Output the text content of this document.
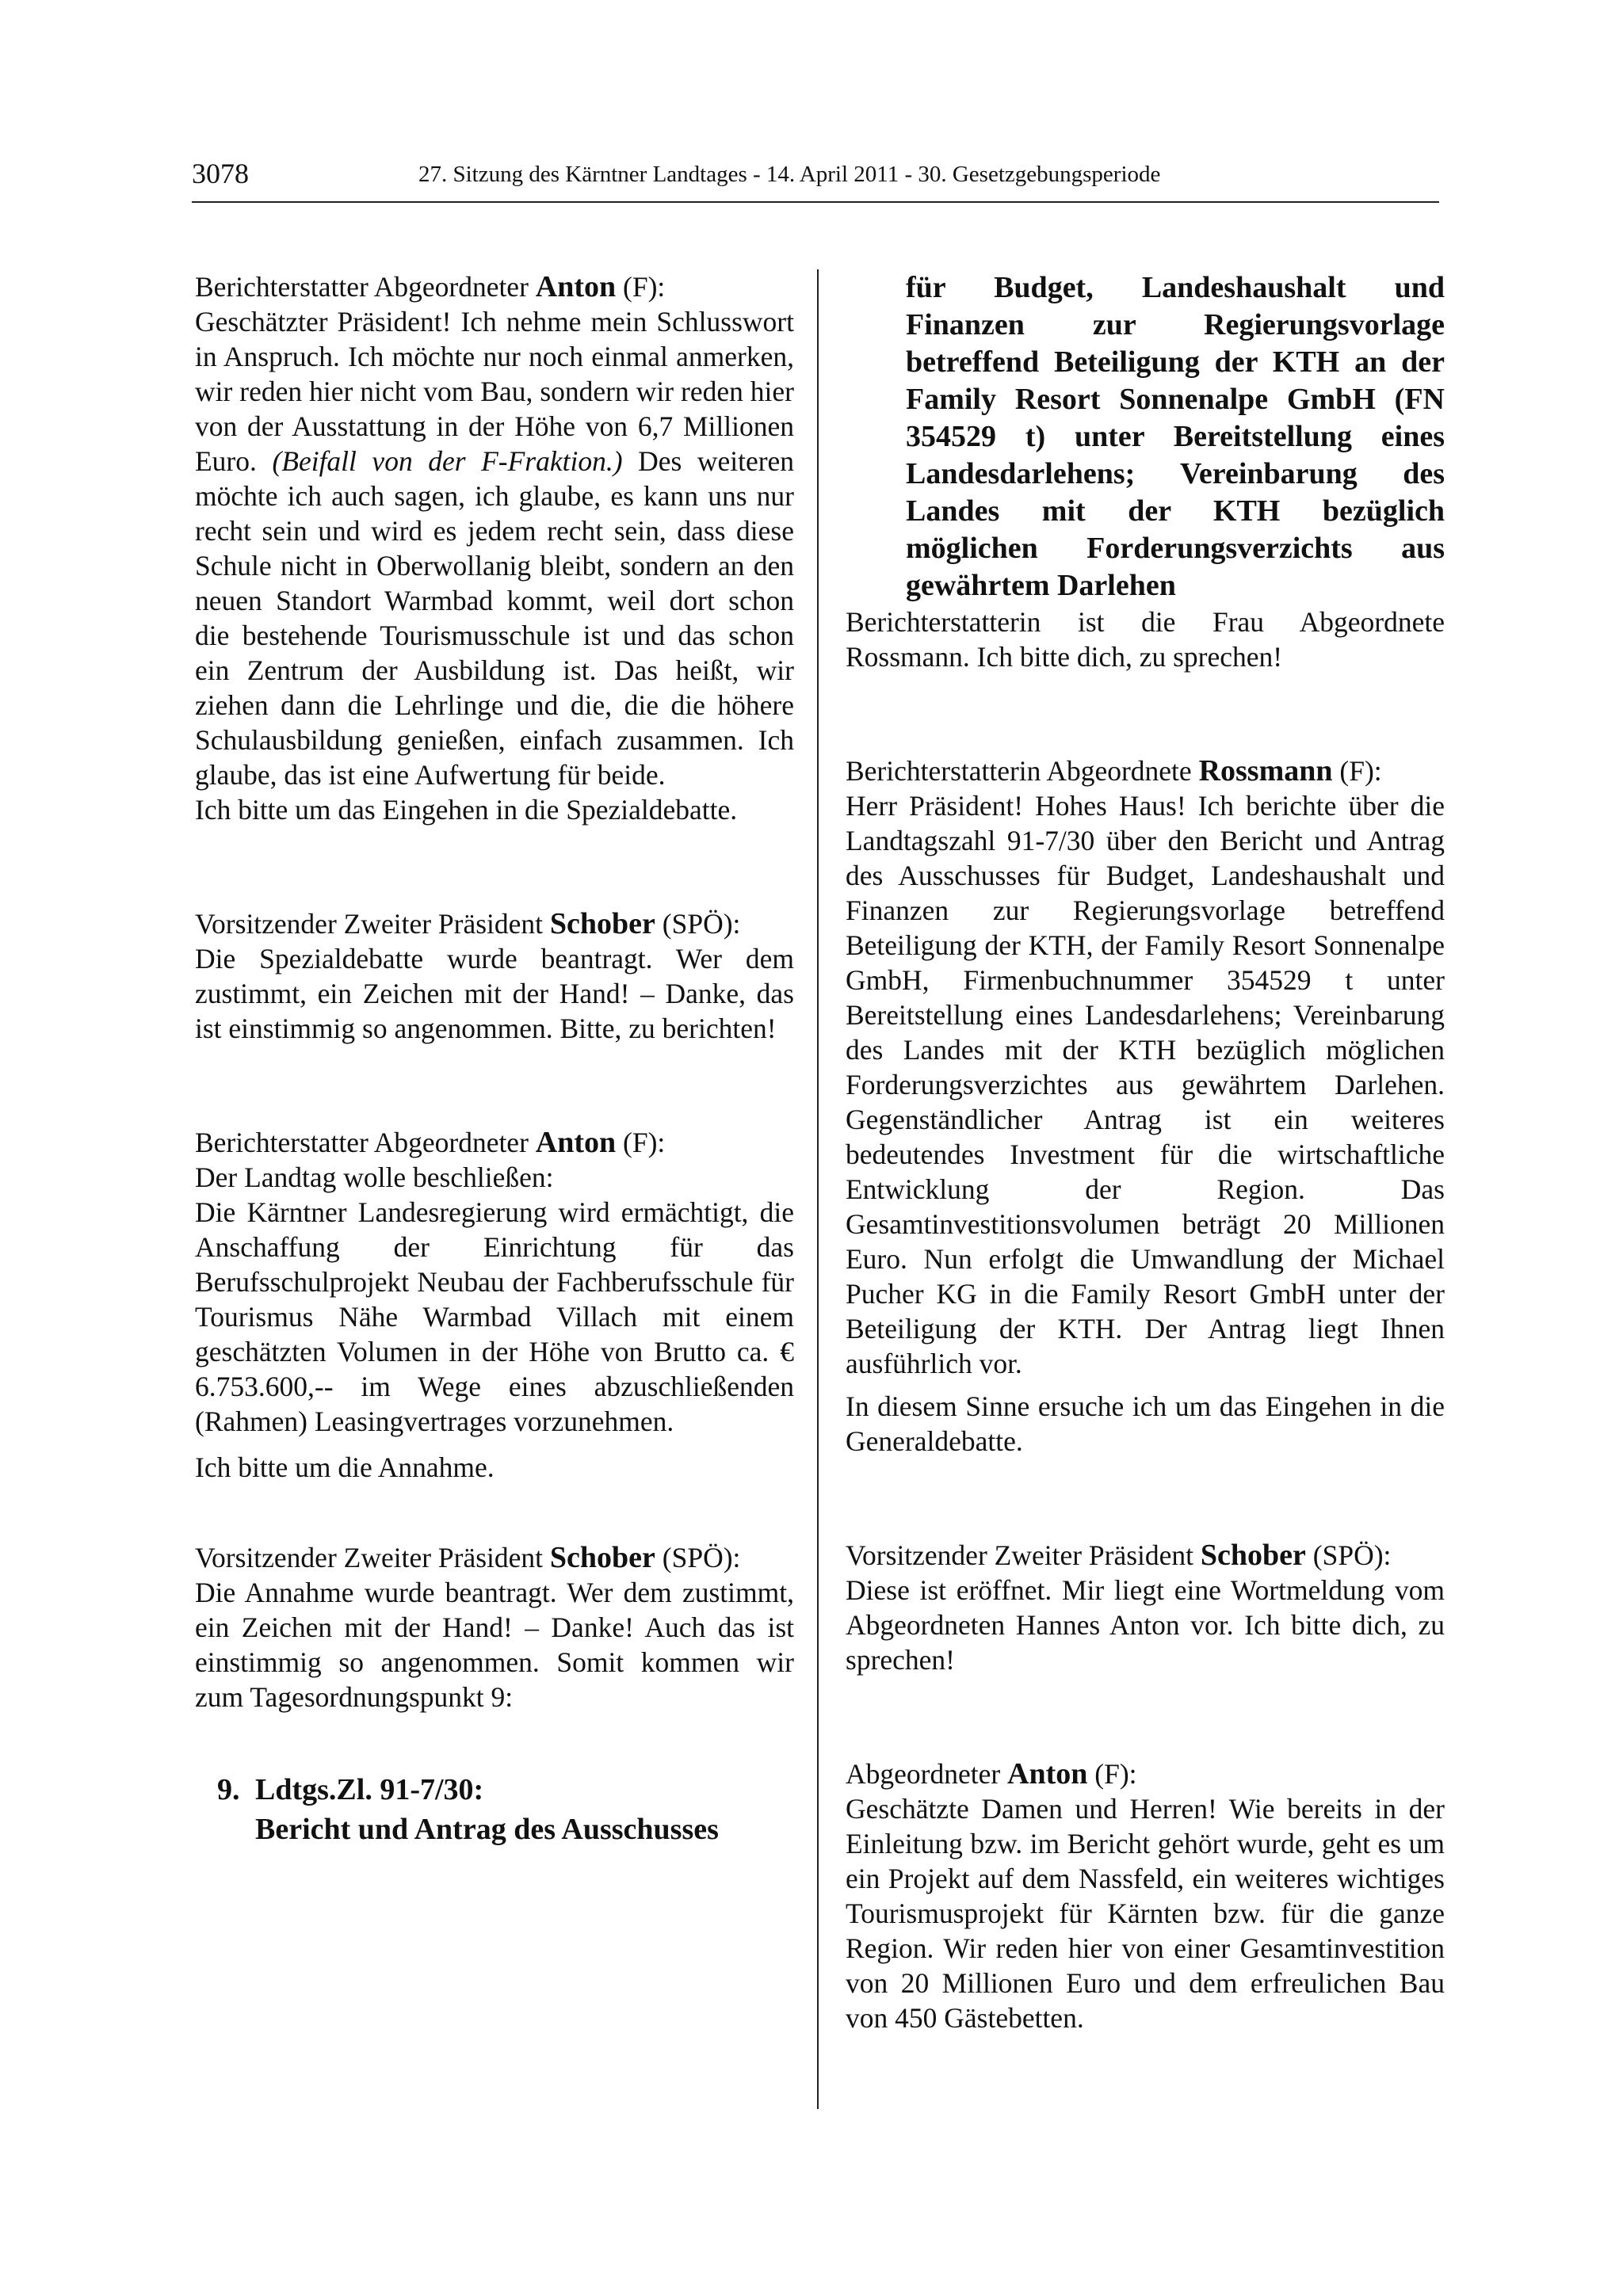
3078	27. Sitzung des Kärntner Landtages - 14. April 2011 - 30. Gesetzgebungsperiode

Berichterstatter Abgeordneter Anton (F):

Geschätzter Präsident! Ich nehme mein Schlusswort in Anspruch. Ich möchte nur noch einmal anmerken, wir reden hier nicht vom Bau, sondern wir reden hier von der Ausstattung in der Höhe von 6,7 Millionen Euro. (Beifall von der F-Fraktion.) Des weiteren möchte ich auch sagen, ich glaube, es kann uns nur recht sein und wird es jedem recht sein, dass diese Schule nicht in Oberwollanig bleibt, sondern an den neuen Standort Warmbad kommt, weil dort schon die bestehende Tourismusschule ist und das schon ein Zentrum der Ausbildung ist. Das heißt, wir ziehen dann die Lehrlinge und die, die die höhere Schulausbildung genießen, einfach zusammen. Ich glaube, das ist eine Aufwertung für beide.

Ich bitte um das Eingehen in die Spezialdebatte.

Vorsitzender Zweiter Präsident Schober (SPÖ):

Die Spezialdebatte wurde beantragt. Wer dem zustimmt, ein Zeichen mit der Hand! – Danke, das ist einstimmig so angenommen. Bitte, zu berichten!

Berichterstatter Abgeordneter Anton (F):

Der Landtag wolle beschließen:

Die Kärntner Landesregierung wird ermächtigt, die Anschaffung der Einrichtung für das Berufsschulprojekt Neubau der Fachberufsschule für Tourismus Nähe Warmbad Villach mit einem geschätzten Volumen in der Höhe von Brutto ca. € 6.753.600,-- im Wege eines abzuschließenden (Rahmen) Leasingvertrages vorzunehmen.

Ich bitte um die Annahme.

Vorsitzender Zweiter Präsident Schober (SPÖ):

Die Annahme wurde beantragt. Wer dem zustimmt, ein Zeichen mit der Hand! – Danke! Auch das ist einstimmig so angenommen. Somit kommen wir zum Tagesordnungspunkt 9:

9. Ldtgs.Zl. 91-7/30:
Bericht und Antrag des Ausschusses

für Budget, Landeshaushalt und Finanzen zur Regierungsvorlage betreffend Beteiligung der KTH an der Family Resort Sonnenalpe GmbH (FN 354529 t) unter Bereitstellung eines Landesdarlehens; Vereinbarung des Landes mit der KTH bezüglich möglichen Forderungsverzichts aus gewährtem Darlehen

Berichterstatterin ist die Frau Abgeordnete Rossmann. Ich bitte dich, zu sprechen!

Berichterstatterin Abgeordnete Rossmann (F):

Herr Präsident! Hohes Haus! Ich berichte über die Landtagszahl 91-7/30 über den Bericht und Antrag des Ausschusses für Budget, Landeshaushalt und Finanzen zur Regierungsvorlage betreffend Beteiligung der KTH, der Family Resort Sonnenalpe GmbH, Firmenbuchnummer 354529 t unter Bereitstellung eines Landesdarlehens; Vereinbarung des Landes mit der KTH bezüglich möglichen Forderungsverzichtes aus gewährtem Darlehen. Gegenständlicher Antrag ist ein weiteres bedeutendes Investment für die wirtschaftliche Entwicklung der Region. Das Gesamtinvestitionsvolumen beträgt 20 Millionen Euro. Nun erfolgt die Umwandlung der Michael Pucher KG in die Family Resort GmbH unter der Beteiligung der KTH. Der Antrag liegt Ihnen ausführlich vor.

In diesem Sinne ersuche ich um das Eingehen in die Generaldebatte.

Vorsitzender Zweiter Präsident Schober (SPÖ):

Diese ist eröffnet. Mir liegt eine Wortmeldung vom Abgeordneten Hannes Anton vor. Ich bitte dich, zu sprechen!

Abgeordneter Anton (F):

Geschätzte Damen und Herren! Wie bereits in der Einleitung bzw. im Bericht gehört wurde, geht es um ein Projekt auf dem Nassfeld, ein weiteres wichtiges Tourismusprojekt für Kärnten bzw. für die ganze Region. Wir reden hier von einer Gesamtinvestition von 20 Millionen Euro und dem erfreulichen Bau von 450 Gästebetten.
